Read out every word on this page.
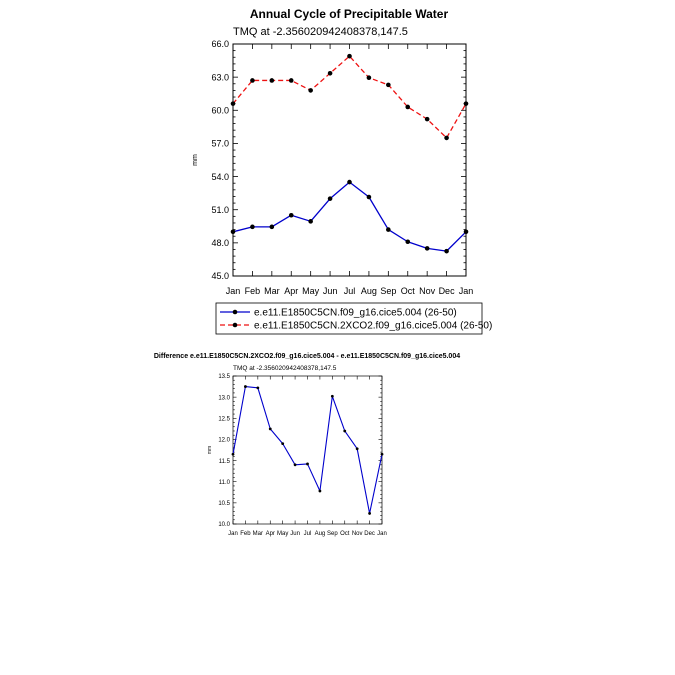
Annual Cycle of Precipitable Water
TMQ at -2.356020942408378,147.5
mm
45.0
48.0
51.0
54.0
57.0
60.0
63.0
66.0
Jan Feb Mar Apr May Jun Jul Aug Sep Oct Nov Dec Jan
e.e11.E1850C5CN.f09_g16.cice5.004 (26-50)
e.e11.E1850C5CN.2XCO2.f09_g16.cice5.004 (26-50)
Difference e.e11.E1850C5CN.2XCO2.f09_g16.cice5.004 - e.e11.E1850C5CN.f09_g16.cice5.004
TMQ at -2.356020942408378,147.5
mm
10.0
10.5
11.0
11.5
12.0
12.5
13.0
13.5
Jan Feb Mar Apr May Jun Jul Aug Sep Oct Nov Dec Jan
